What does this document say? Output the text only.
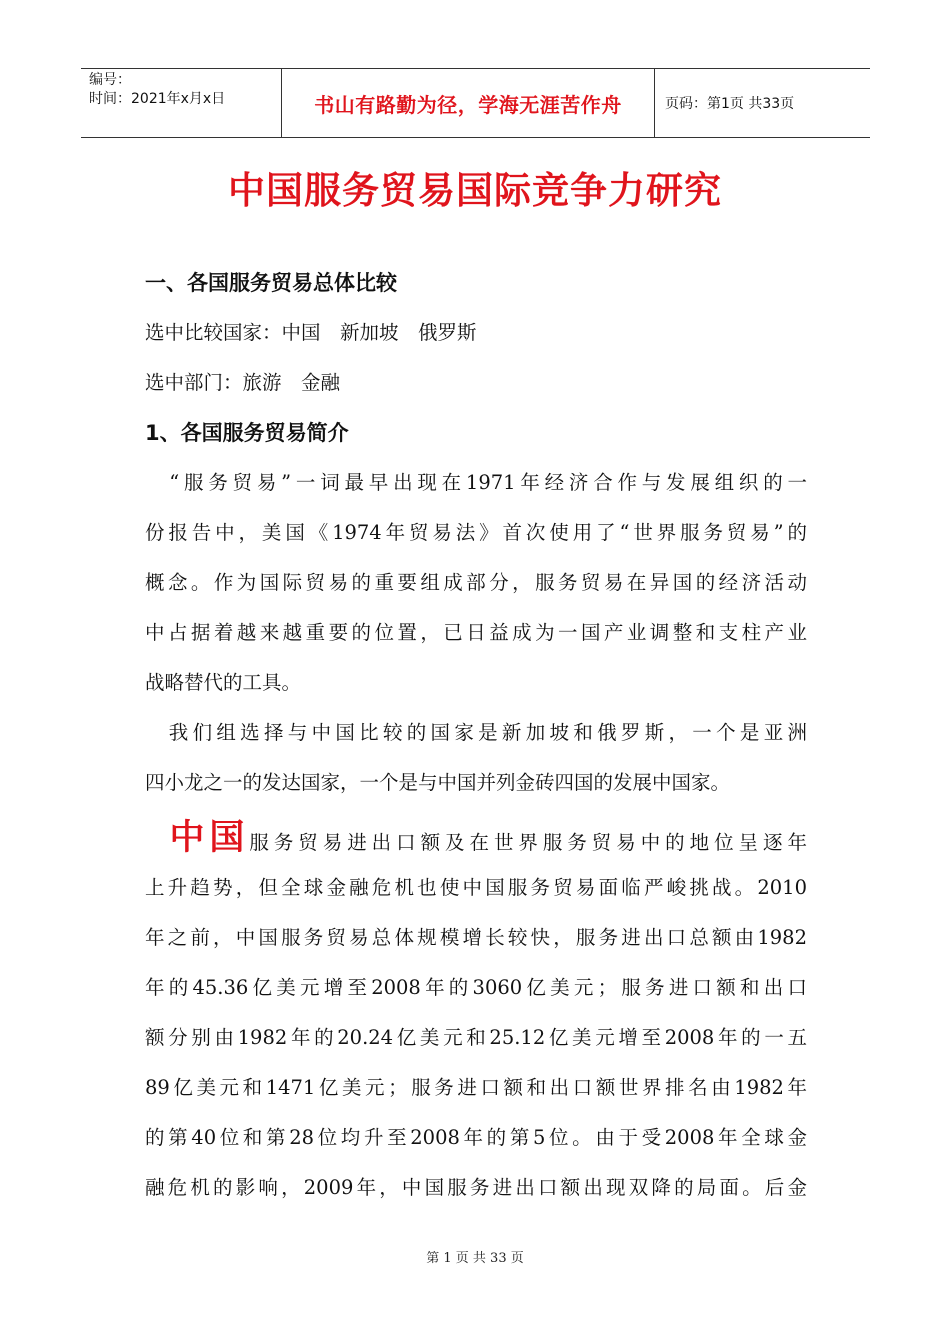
编号：
时间：2021年x月x日	书山有路勤为径，学海无涯苦作舟	页码：第1页 共33页
中国服务贸易国际竞争力研究

一、各国服务贸易总体比较

选中比较国家：中国　新加坡　俄罗斯

选中部门：旅游　金融

1、各国服务贸易简介

　“服务贸易”一词最早出现在1971年经济合作与发展组织的一
份报告中，美国《1974年贸易法》首次使用了“世界服务贸易”的
概念。作为国际贸易的重要组成部分，服务贸易在异国的经济活动
中占据着越来越重要的位置，已日益成为一国产业调整和支柱产业
战略替代的工具。
　我们组选择与中国比较的国家是新加坡和俄罗斯，一个是亚洲
四小龙之一的发达国家，一个是与中国并列金砖四国的发展中国家。
　中国服务贸易进出口额及在世界服务贸易中的地位呈逐年
上升趋势，但全球金融危机也使中国服务贸易面临严峻挑战。2010
年之前，中国服务贸易总体规模增长较快，服务进出口总额由1982
年的45.36亿美元增至2008年的3060亿美元；服务进口额和出口
额分别由1982年的20.24亿美元和25.12亿美元增至2008年的一五
89亿美元和1471亿美元；服务进口额和出口额世界排名由1982年
的第40位和第28位均升至2008年的第5位。由于受2008年全球金
融危机的影响，2009年，中国服务进出口额出现双降的局面。后金
第 1 页 共 33 页
